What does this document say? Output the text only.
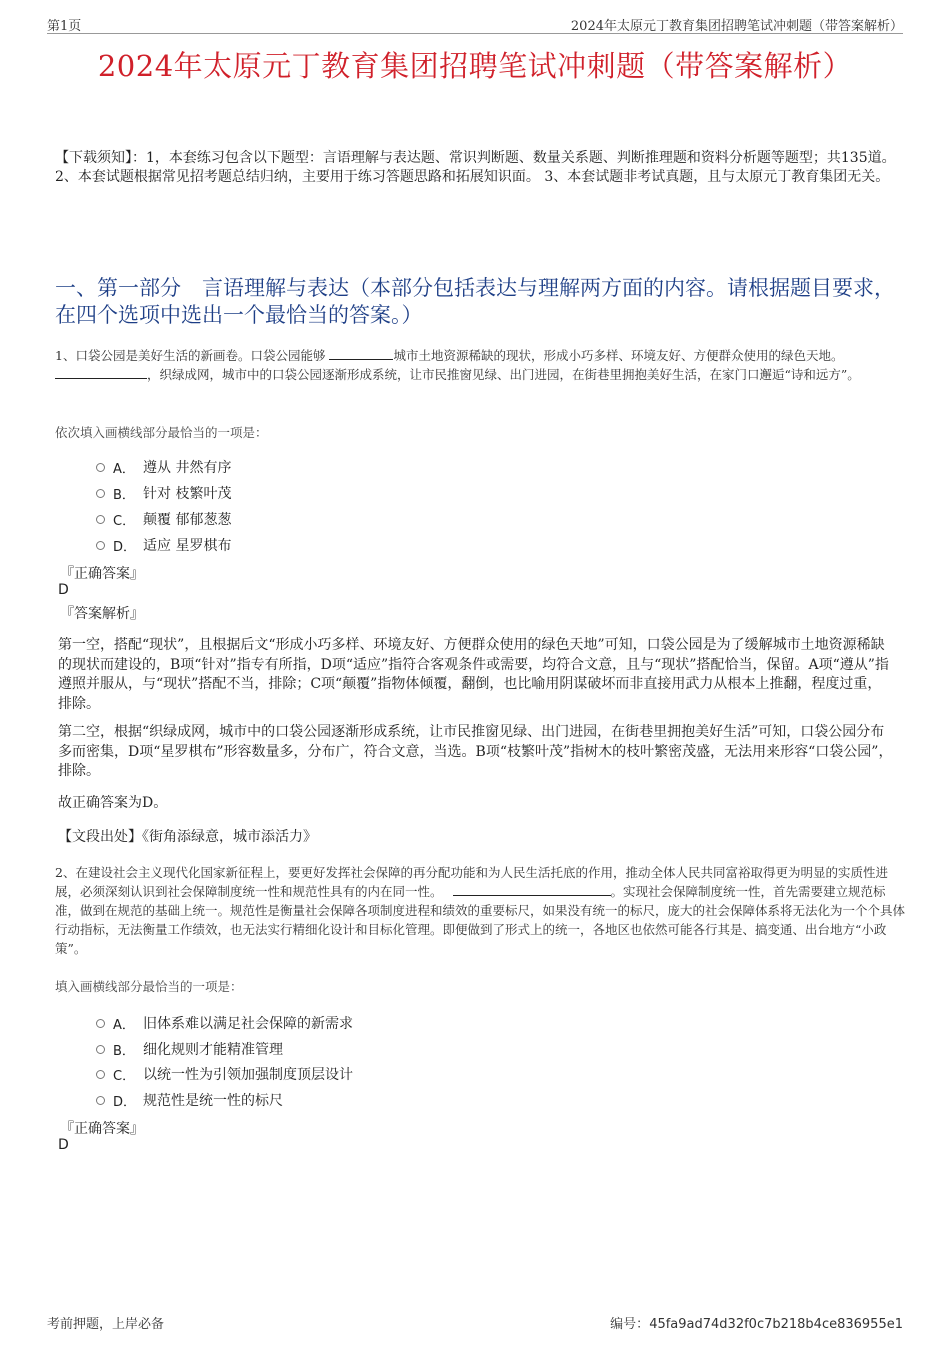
第1页	2024年太原元丁教育集团招聘笔试冲刺题（带答案解析）
2024年太原元丁教育集团招聘笔试冲刺题（带答案解析）
【下载须知】：1，本套练习包含以下题型：言语理解与表达题、常识判断题、数量关系题、判断推理题和资料分析题等题型；共135道。 2、本套试题根据常见招考题总结归纳，主要用于练习答题思路和拓展知识面。 3、本套试题非考试真题，且与太原元丁教育集团无关。
一、第一部分　言语理解与表达（本部分包括表达与理解两方面的内容。请根据题目要求，在四个选项中选出一个最恰当的答案。）
1、口袋公园是美好生活的新画卷。口袋公园能够	城市土地资源稀缺的现状，形成小巧多样、环境友好、方便群众使用的绿色天地。
，织绿成网，城市中的口袋公园逐渐形成系统，让市民推窗见绿、出门进园，在街巷里拥抱美好生活，在家门口邂逅“诗和远方”。
依次填入画横线部分最恰当的一项是：
A． 遵从 井然有序
B． 针对 枝繁叶茂
C． 颠覆 郁郁葱葱
D． 适应 星罗棋布
『正确答案』
D
『答案解析』
第一空，搭配“现状”，且根据后文“形成小巧多样、环境友好、方便群众使用的绿色天地”可知，口袋公园是为了缓解城市土地资源稀缺的现状而建设的，B项“针对”指专有所指，D项“适应”指符合客观条件或需要，均符合文意，且与“现状”搭配恰当，保留。A项“遵从”指遵照并服从，与“现状”搭配不当，排除；C项“颠覆”指物体倾覆，翻倒，也比喻用阴谋破坏而非直接用武力从根本上推翻，程度过重，排除。
第二空，根据“织绿成网，城市中的口袋公园逐渐形成系统，让市民推窗见绿、出门进园，在街巷里拥抱美好生活”可知，口袋公园分布多而密集，D项“星罗棋布”形容数量多，分布广，符合文意，当选。B项“枝繁叶茂”指树木的枝叶繁密茂盛，无法用来形容“口袋公园”，排除。
故正确答案为D。
【文段出处】《街角添绿意，城市添活力》
2、在建设社会主义现代化国家新征程上，要更好发挥社会保障的再分配功能和为人民生活托底的作用，推动全体人民共同富裕取得更为明显的实质性进展，必须深刻认识到社会保障制度统一性和规范性具有的内在同一性。	。实现社会保障制度统一性，首先需要建立规范标准，做到在规范的基础上统一。规范性是衡量社会保障各项制度进程和绩效的重要标尺，如果没有统一的标尺，庞大的社会保障体系将无法化为一个个具体行动指标，无法衡量工作绩效，也无法实行精细化设计和目标化管理。即便做到了形式上的统一，各地区也依然可能各行其是、搞变通、出台地方“小政策”。
填入画横线部分最恰当的一项是：
A． 旧体系难以满足社会保障的新需求
B． 细化规则才能精准管理
C． 以统一性为引领加强制度顶层设计
D． 规范性是统一性的标尺
『正确答案』
D
考前押题，上岸必备	编号：45fa9ad74d32f0c7b218b4ce836955e1
